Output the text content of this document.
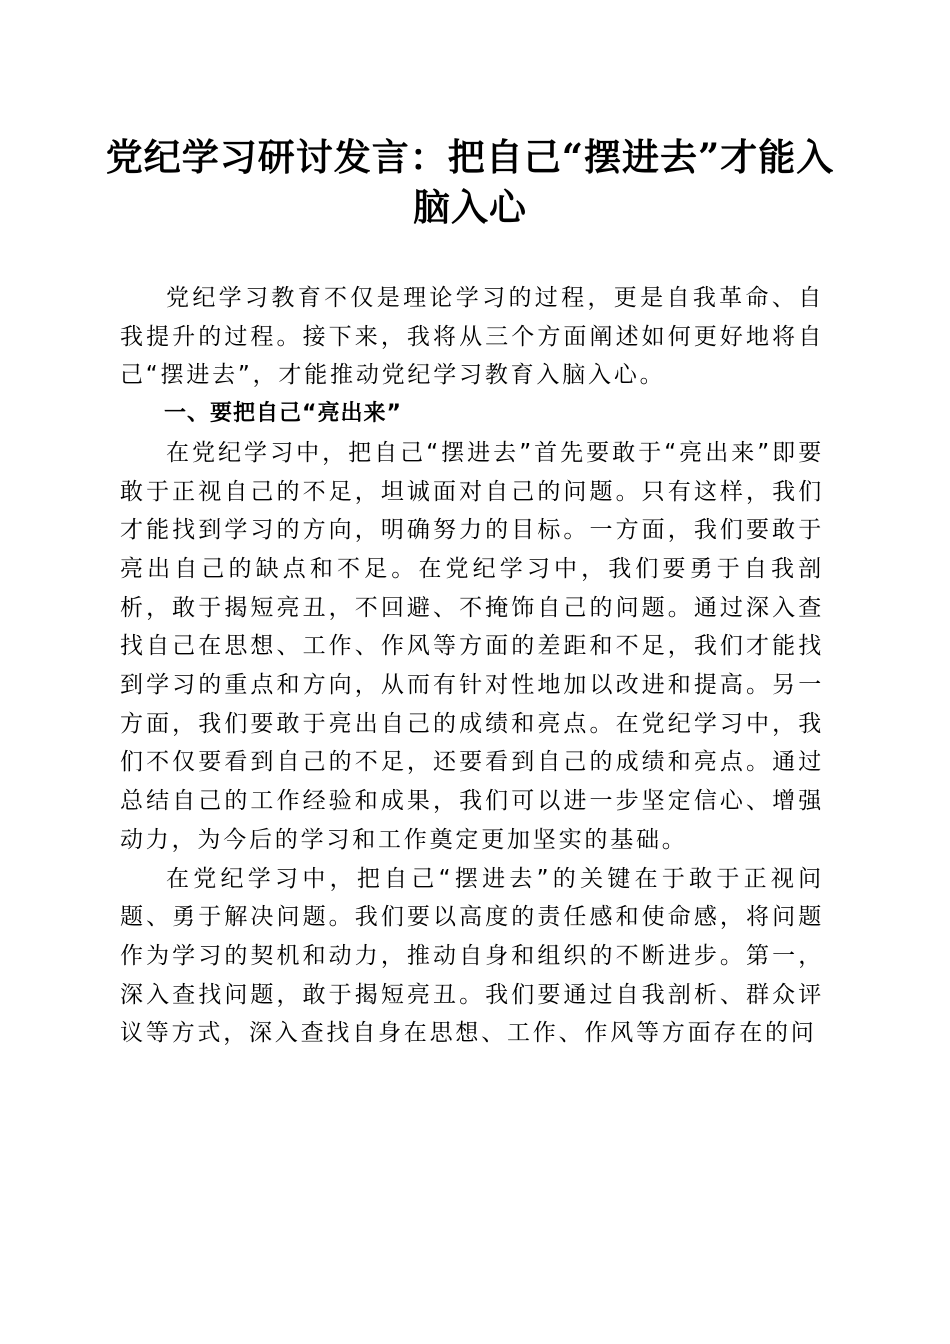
党纪学习研讨发言：把自己“摆进去”才能入脑入心

党纪学习教育不仅是理论学习的过程，更是自我革命、自我提升的过程。接下来，我将从三个方面阐述如何更好地将自己“摆进去”，才能推动党纪学习教育入脑入心。

一、要把自己“亮出来”

在党纪学习中，把自己“摆进去”首先要敢于“亮出来”即要敢于正视自己的不足，坦诚面对自己的问题。只有这样，我们才能找到学习的方向，明确努力的目标。一方面，我们要敢于亮出自己的缺点和不足。在党纪学习中，我们要勇于自我剖析，敢于揭短亮丑，不回避、不掩饰自己的问题。通过深入查找自己在思想、工作、作风等方面的差距和不足，我们才能找到学习的重点和方向，从而有针对性地加以改进和提高。另一方面，我们要敢于亮出自己的成绩和亮点。在党纪学习中，我们不仅要看到自己的不足，还要看到自己的成绩和亮点。通过总结自己的工作经验和成果，我们可以进一步坚定信心、增强动力，为今后的学习和工作奠定更加坚实的基础。

在党纪学习中，把自己“摆进去”的关键在于敢于正视问题、勇于解决问题。我们要以高度的责任感和使命感，将问题作为学习的契机和动力，推动自身和组织的不断进步。第一，深入查找问题，敢于揭短亮丑。我们要通过自我剖析、群众评议等方式，深入查找自身在思想、工作、作风等方面存在的问
